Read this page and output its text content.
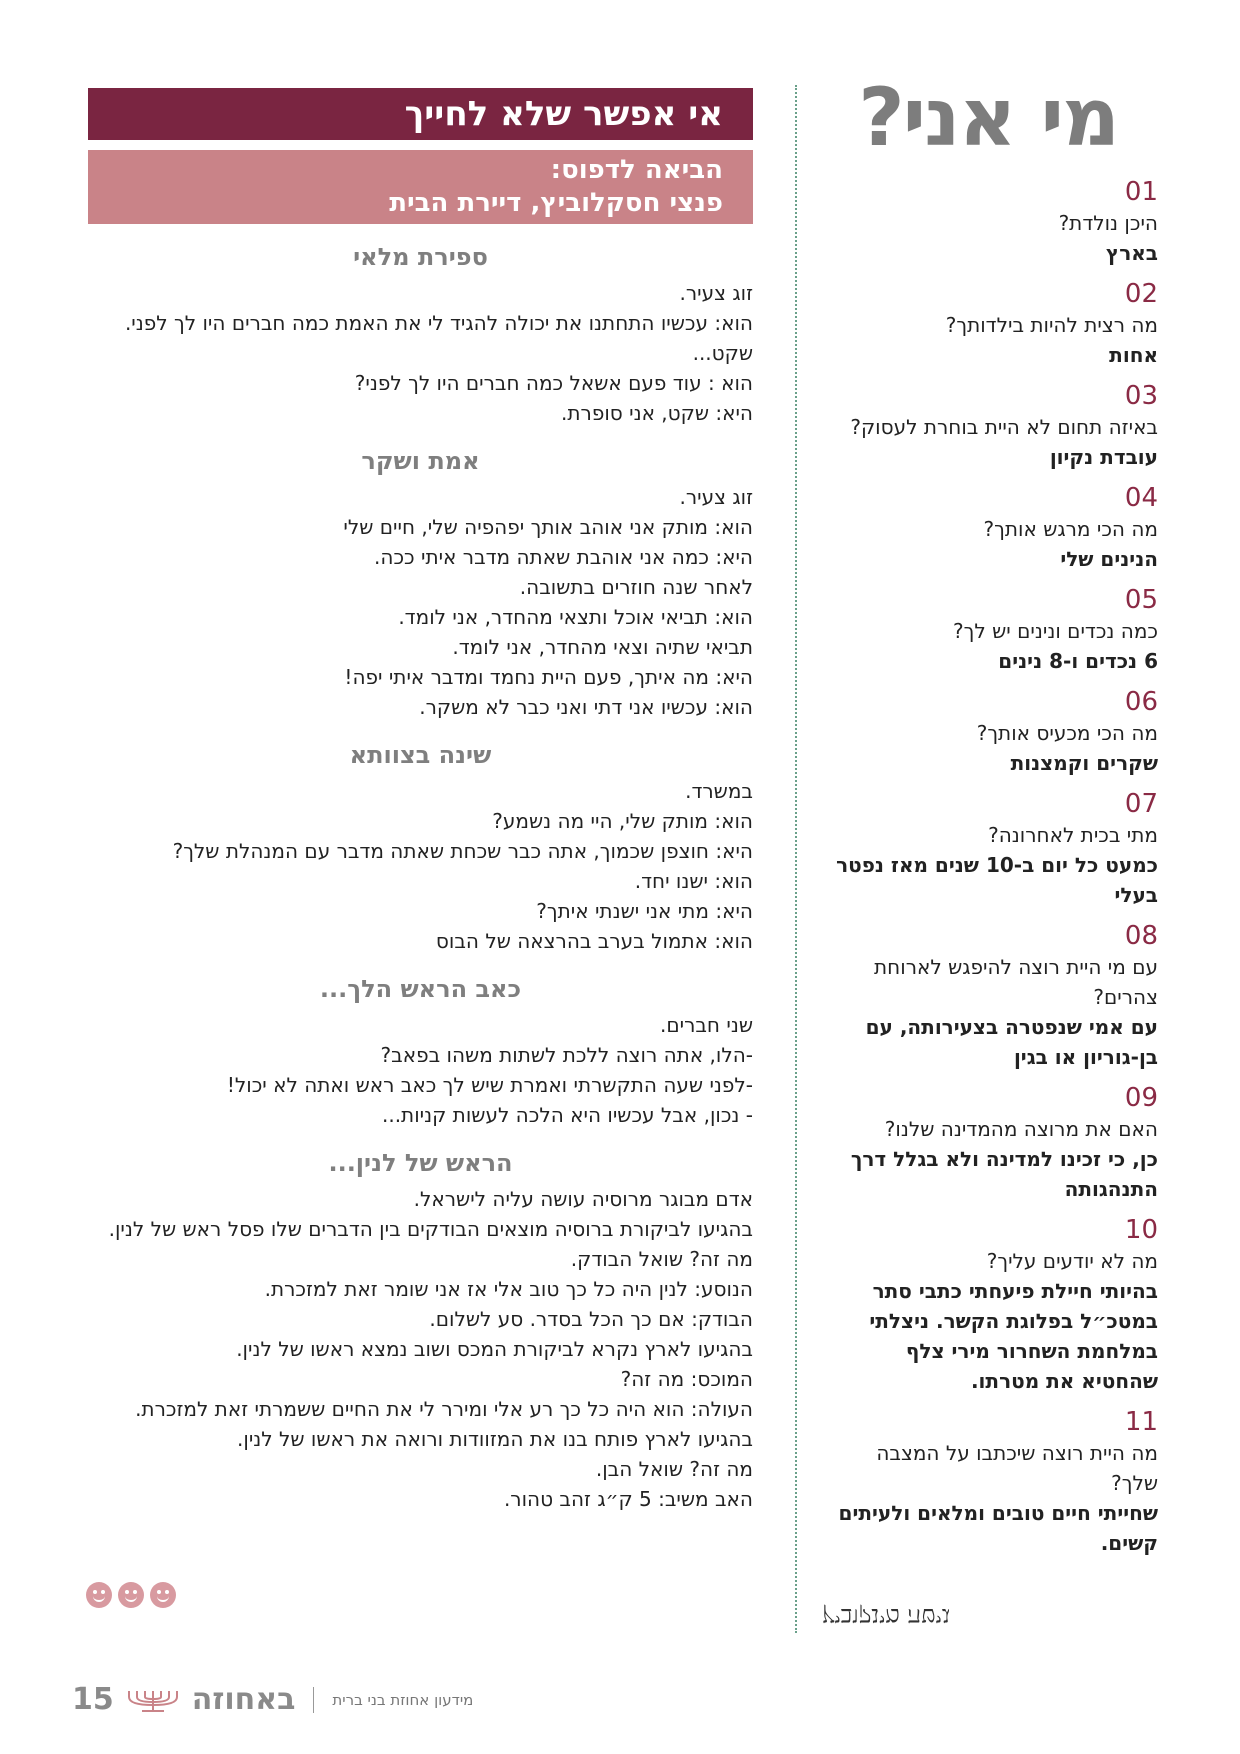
מי אני?
01
היכן נולדת?
בארץ
02
מה רצית להיות בילדותך?
אחות
03
באיזה תחום לא היית בוחרת לעסוק?
עובדת נקיון
04
מה הכי מרגש אותך?
הנינים שלי
05
כמה נכדים ונינים יש לך?
6 נכדים ו-8 נינים
06
מה הכי מכעיס אותך?
שקרים וקמצנות
07
מתי בכית לאחרונה?
כמעט כל יום ב-10 שנים מאז נפטר בעלי
08
עם מי היית רוצה להיפגש לארוחת צהרים?
עם אמי שנפטרה בצעירותה, עם בן-גוריון או בגין
09
האם את מרוצה מהמדינה שלנו?
כן, כי זכינו למדינה ולא בגלל דרך התנהגותה
10
מה לא יודעים עליך?
בהיותי חיילת פיעחתי כתבי סתר במטכ״ל בפלוגת הקשר. ניצלתי במלחמת השחרור מירי צלף שהחטיא את מטרתו.
11
מה היית רוצה שיכתבו על המצבה שלך?
שחייתי חיים טובים ומלאים ולעיתים קשים.
גיטה מינקוביץ
אי אפשר שלא לחייך
הביאה לדפוס:
פנצי חסקלוביץ, דיירת הבית
ספירת מלאי
זוג צעיר.
הוא: עכשיו התחתנו את יכולה להגיד לי את האמת כמה חברים היו לך לפני.
שקט...
הוא : עוד פעם אשאל כמה חברים היו לך לפני?
היא: שקט, אני סופרת.
אמת ושקר
זוג צעיר.
הוא: מותק אני אוהב אותך יפהפיה שלי, חיים שלי
היא: כמה אני אוהבת שאתה מדבר איתי ככה.
לאחר שנה חוזרים בתשובה.
הוא: תביאי אוכל ותצאי מהחדר, אני לומד.
תביאי שתיה וצאי מהחדר, אני לומד.
היא: מה איתך, פעם היית נחמד ומדבר איתי יפה!
הוא: עכשיו אני דתי ואני כבר לא משקר.
שינה בצוותא
במשרד.
הוא: מותק שלי, היי מה נשמע?
היא: חוצפן שכמוך, אתה כבר שכחת שאתה מדבר עם המנהלת שלך?
הוא: ישנו יחד.
היא: מתי אני ישנתי איתך?
הוא: אתמול בערב בהרצאה של הבוס
כאב הראש הלך...
שני חברים.
-הלו, אתה רוצה ללכת לשתות משהו בפאב?
-לפני שעה התקשרתי ואמרת שיש לך כאב ראש ואתה לא יכול!
- נכון, אבל עכשיו היא הלכה לעשות קניות...
הראש של לנין...
אדם מבוגר מרוסיה עושה עליה לישראל.
בהגיעו לביקורת ברוסיה מוצאים הבודקים בין הדברים שלו פסל ראש של לנין.
מה זה? שואל הבודק.
הנוסע: לנין היה כל כך טוב אלי אז אני שומר זאת למזכרת.
הבודק: אם כך הכל בסדר. סע לשלום.
בהגיעו לארץ נקרא לביקורת המכס ושוב נמצא ראשו של לנין.
המוכס: מה זה?
העולה: הוא היה כל כך רע אלי ומירר לי את החיים ששמרתי זאת למזכרת.
בהגיעו לארץ פותח בנו את המזוודות ורואה את ראשו של לנין.
מה זה? שואל הבן.
האב משיב: 5 ק״ג זהב טהור.
15	באחוזה מידעון אחוזת בני ברית
